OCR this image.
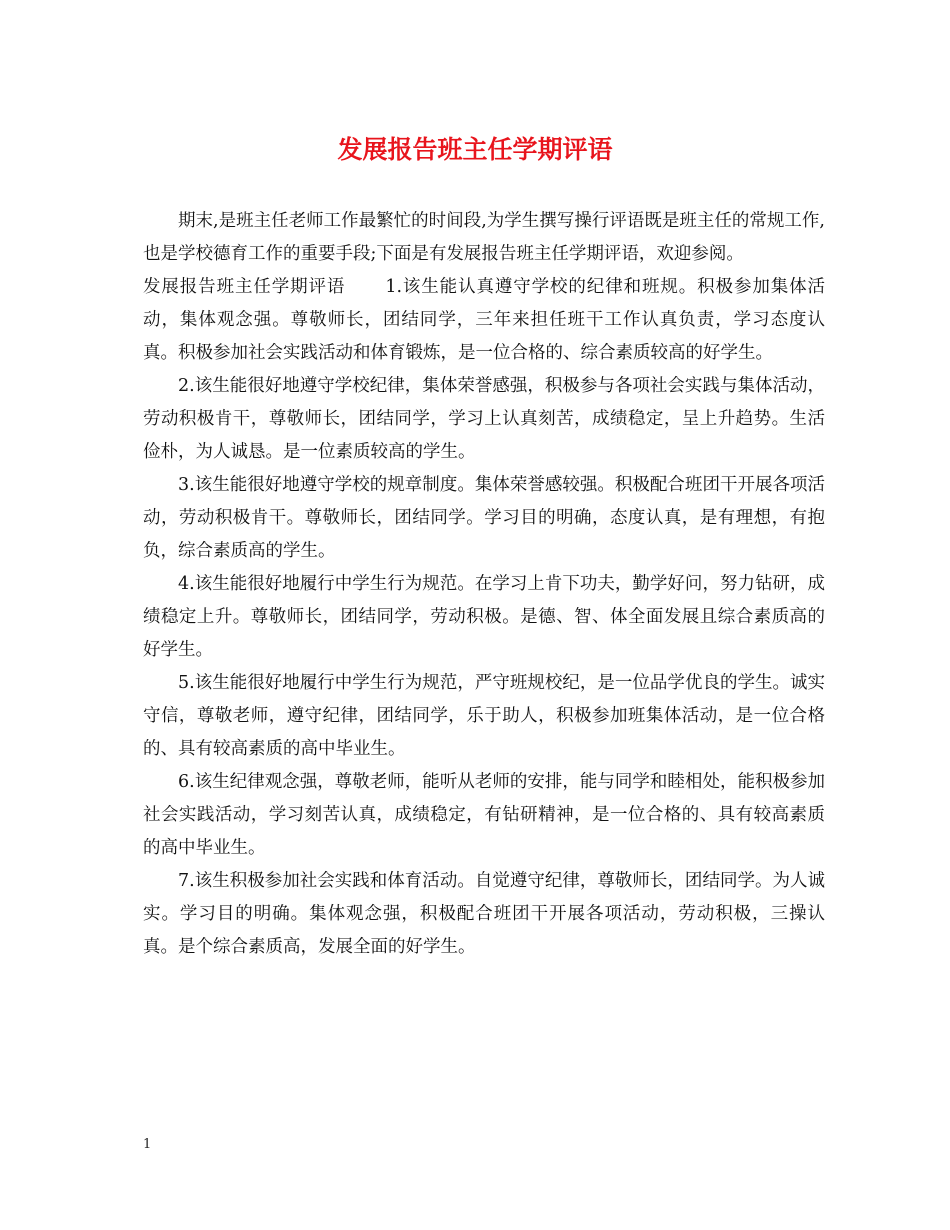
发展报告班主任学期评语

期末,是班主任老师工作最繁忙的时间段,为学生撰写操行评语既是班主任的常规工作,也是学校德育工作的重要手段;下面是有发展报告班主任学期评语，欢迎参阅。

发展报告班主任学期评语 1.该生能认真遵守学校的纪律和班规。积极参加集体活动，集体观念强。尊敬师长，团结同学，三年来担任班干工作认真负责，学习态度认真。积极参加社会实践活动和体育锻炼，是一位合格的、综合素质较高的好学生。

2.该生能很好地遵守学校纪律，集体荣誉感强，积极参与各项社会实践与集体活动，劳动积极肯干，尊敬师长，团结同学，学习上认真刻苦，成绩稳定，呈上升趋势。生活俭朴，为人诚恳。是一位素质较高的学生。

3.该生能很好地遵守学校的规章制度。集体荣誉感较强。积极配合班团干开展各项活动，劳动积极肯干。尊敬师长，团结同学。学习目的明确，态度认真，是有理想，有抱负，综合素质高的学生。

4.该生能很好地履行中学生行为规范。在学习上肯下功夫，勤学好问，努力钻研，成绩稳定上升。尊敬师长，团结同学，劳动积极。是德、智、体全面发展且综合素质高的好学生。

5.该生能很好地履行中学生行为规范，严守班规校纪，是一位品学优良的学生。诚实守信，尊敬老师，遵守纪律，团结同学，乐于助人，积极参加班集体活动，是一位合格的、具有较高素质的高中毕业生。

6.该生纪律观念强，尊敬老师，能听从老师的安排，能与同学和睦相处，能积极参加社会实践活动，学习刻苦认真，成绩稳定，有钻研精神，是一位合格的、具有较高素质的高中毕业生。

7.该生积极参加社会实践和体育活动。自觉遵守纪律，尊敬师长，团结同学。为人诚实。学习目的明确。集体观念强，积极配合班团干开展各项活动，劳动积极，三操认真。是个综合素质高，发展全面的好学生。

1
